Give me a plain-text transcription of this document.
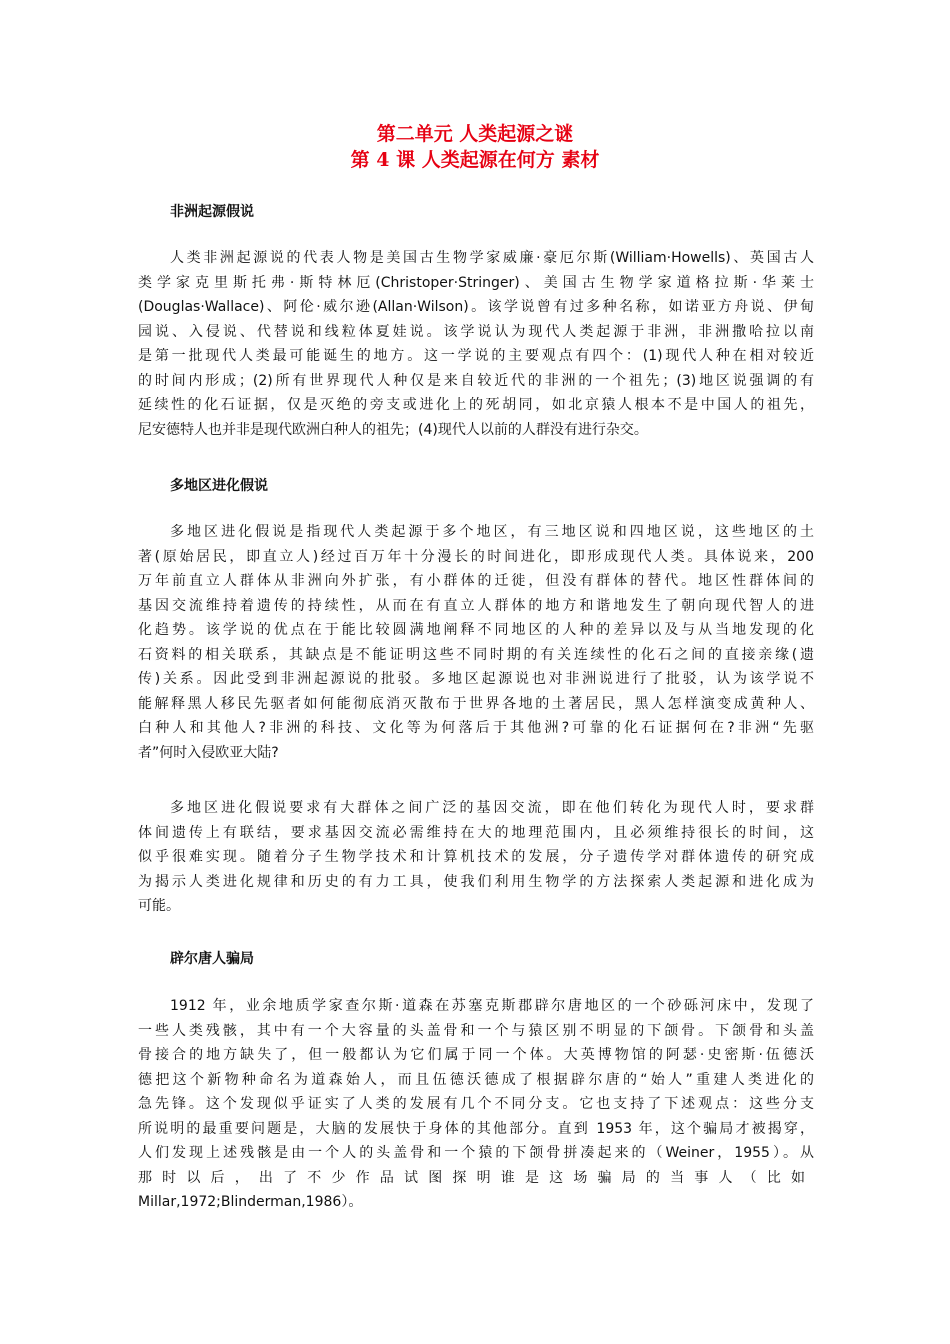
第二单元 人类起源之谜
第 4 课 人类起源在何方 素材
非洲起源假说
人类非洲起源说的代表人物是美国古生物学家威廉·豪厄尔斯(William·Howells)、英国古人
类学家克里斯托弗·斯特林厄(Christoper·Stringer)、美国古生物学家道格拉斯·华莱士
(Douglas·Wallace)、阿伦·威尔逊(Allan·Wilson)。该学说曾有过多种名称，如诺亚方舟说、伊甸
园说、入侵说、代替说和线粒体夏娃说。该学说认为现代人类起源于非洲，非洲撒哈拉以南
是第一批现代人类最可能诞生的地方。这一学说的主要观点有四个：(1)现代人种在相对较近
的时间内形成；(2)所有世界现代人种仅是来自较近代的非洲的一个祖先；(3)地区说强调的有
延续性的化石证据，仅是灭绝的旁支或进化上的死胡同，如北京猿人根本不是中国人的祖先，
尼安德特人也并非是现代欧洲白种人的祖先；(4)现代人以前的人群没有进行杂交。
多地区进化假说
多地区进化假说是指现代人类起源于多个地区，有三地区说和四地区说，这些地区的土
著(原始居民，即直立人)经过百万年十分漫长的时间进化，即形成现代人类。具体说来，200
万年前直立人群体从非洲向外扩张，有小群体的迁徙，但没有群体的替代。地区性群体间的
基因交流维持着遗传的持续性，从而在有直立人群体的地方和谐地发生了朝向现代智人的进
化趋势。该学说的优点在于能比较圆满地阐释不同地区的人种的差异以及与从当地发现的化
石资料的相关联系，其缺点是不能证明这些不同时期的有关连续性的化石之间的直接亲缘(遗
传)关系。因此受到非洲起源说的批驳。多地区起源说也对非洲说进行了批驳，认为该学说不
能解释黑人移民先驱者如何能彻底消灭散布于世界各地的土著居民，黑人怎样演变成黄种人、
白种人和其他人?非洲的科技、文化等为何落后于其他洲?可靠的化石证据何在?非洲“先驱
者”何时入侵欧亚大陆?
多地区进化假说要求有大群体之间广泛的基因交流，即在他们转化为现代人时，要求群
体间遗传上有联结，要求基因交流必需维持在大的地理范围内，且必须维持很长的时间，这
似乎很难实现。随着分子生物学技术和计算机技术的发展，分子遗传学对群体遗传的研究成
为揭示人类进化规律和历史的有力工具，使我们利用生物学的方法探索人类起源和进化成为
可能。
辟尔唐人骗局
1912 年，业余地质学家查尔斯·道森在苏塞克斯郡辟尔唐地区的一个砂砾河床中，发现了
一些人类残骸，其中有一个大容量的头盖骨和一个与猿区别不明显的下颌骨。下颌骨和头盖
骨接合的地方缺失了，但一般都认为它们属于同一个体。大英博物馆的阿瑟·史密斯·伍德沃
德把这个新物种命名为道森始人，而且伍德沃德成了根据辟尔唐的“始人”重建人类进化的
急先锋。这个发现似乎证实了人类的发展有几个不同分支。它也支持了下述观点：这些分支
所说明的最重要问题是，大脑的发展快于身体的其他部分。直到 1953 年，这个骗局才被揭穿，
人们发现上述残骸是由一个人的头盖骨和一个猿的下颌骨拼凑起来的（Weiner，1955）。从
那时以后，出了不少作品试图探明谁是这场骗局的当事人（比如
Millar,1972;Blinderman,1986）。
